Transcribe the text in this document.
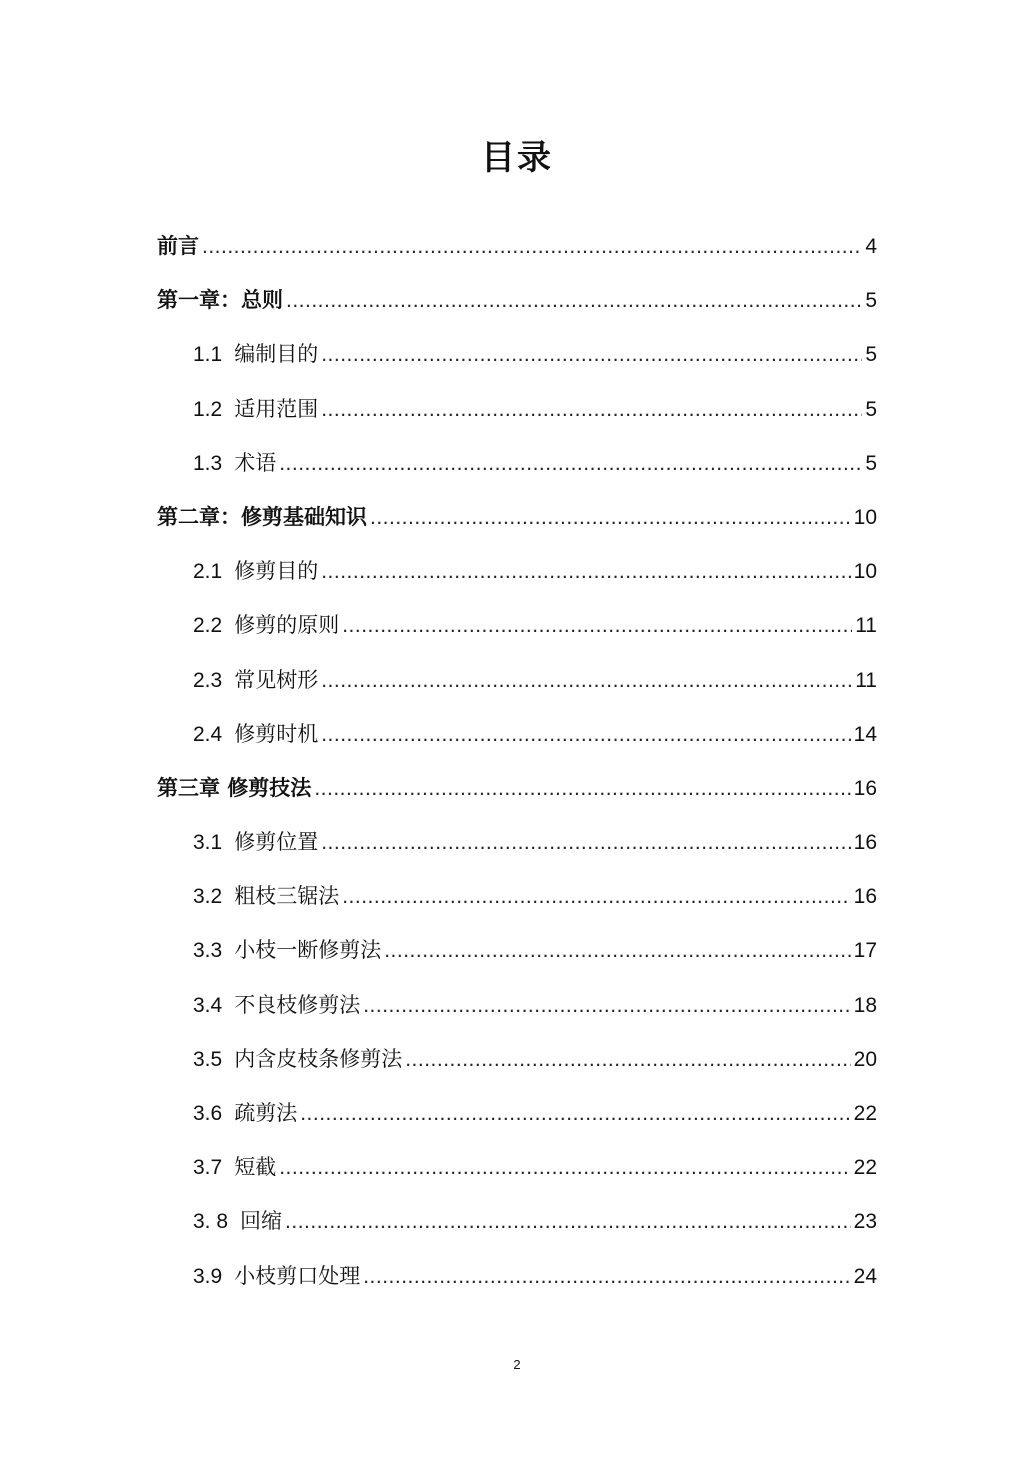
目录
前言 .....	4
第一章：总则 .....	5
1.1 编制目的 .....	5
1.2 适用范围 .....	5
1.3 术语 .....	5
第二章：修剪基础知识 .....	10
2.1 修剪目的 .....	10
2.2 修剪的原则 .....	11
2.3 常见树形 .....	11
2.4 修剪时机 .....	14
第三章 修剪技法 .....	16
3.1 修剪位置 .....	16
3.2 粗枝三锯法 .....	16
3.3 小枝一断修剪法 .....	17
3.4 不良枝修剪法 .....	18
3.5 内含皮枝条修剪法 .....	20
3.6 疏剪法 .....	22
3.7 短截 .....	22
3. 8 回缩 .....	23
3.9 小枝剪口处理 .....	24
2
